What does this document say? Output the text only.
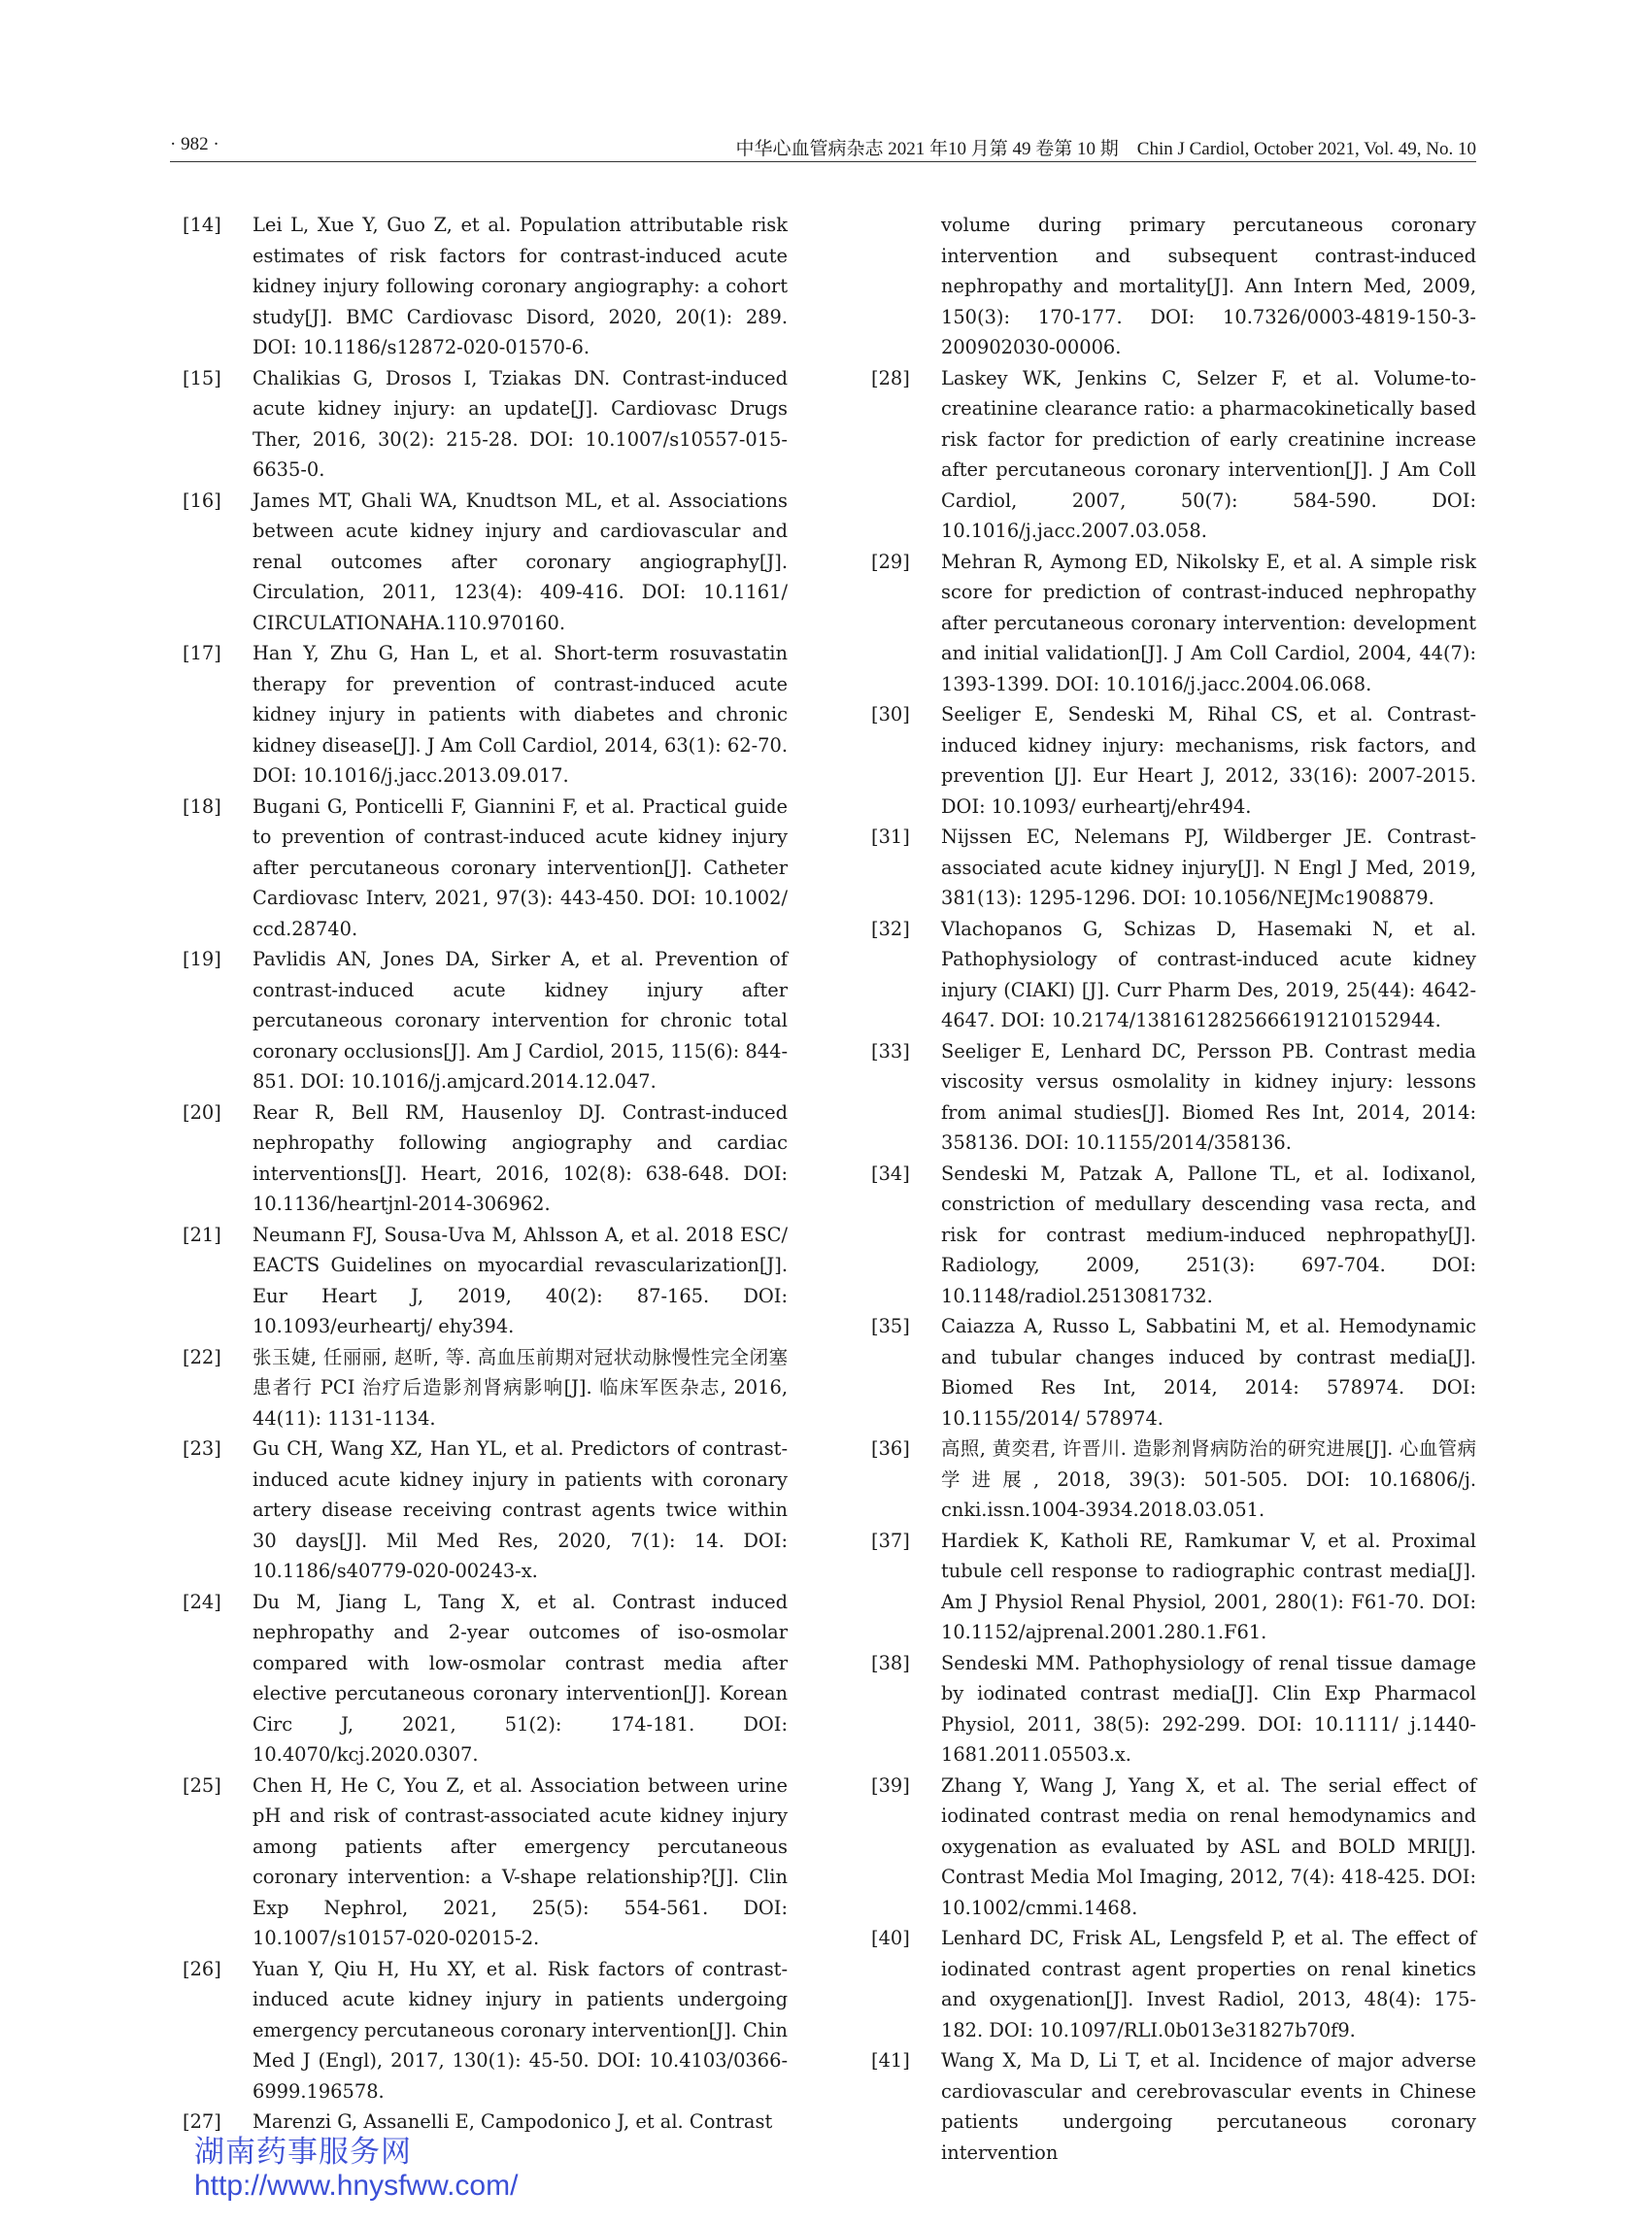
· 982 ·	中华心血管病杂志 2021 年10 月第 49 卷第 10 期　Chin J Cardiol, October 2021, Vol. 49, No. 10
[14] Lei L, Xue Y, Guo Z, et al. Population attributable risk estimates of risk factors for contrast-induced acute kidney injury following coronary angiography: a cohort study[J]. BMC Cardiovasc Disord, 2020, 20(1): 289. DOI: 10.1186/s12872-020-01570-6.
[15] Chalikias G, Drosos I, Tziakas DN. Contrast-induced acute kidney injury: an update[J]. Cardiovasc Drugs Ther, 2016, 30(2): 215-28. DOI: 10.1007/s10557-015-6635-0.
[16] James MT, Ghali WA, Knudtson ML, et al. Associations between acute kidney injury and cardiovascular and renal outcomes after coronary angiography[J]. Circulation, 2011, 123(4): 409-416. DOI: 10.1161/ CIRCULATIONAHA.110.970160.
[17] Han Y, Zhu G, Han L, et al. Short-term rosuvastatin therapy for prevention of contrast-induced acute kidney injury in patients with diabetes and chronic kidney disease[J]. J Am Coll Cardiol, 2014, 63(1): 62-70. DOI: 10.1016/j.jacc.2013.09.017.
[18] Bugani G, Ponticelli F, Giannini F, et al. Practical guide to prevention of contrast-induced acute kidney injury after percutaneous coronary intervention[J]. Catheter Cardiovasc Interv, 2021, 97(3): 443-450. DOI: 10.1002/ ccd.28740.
[19] Pavlidis AN, Jones DA, Sirker A, et al. Prevention of contrast-induced acute kidney injury after percutaneous coronary intervention for chronic total coronary occlusions[J]. Am J Cardiol, 2015, 115(6): 844-851. DOI: 10.1016/j.amjcard.2014.12.047.
[20] Rear R, Bell RM, Hausenloy DJ. Contrast-induced nephropathy following angiography and cardiac interventions[J]. Heart, 2016, 102(8): 638-648. DOI: 10.1136/heartjnl-2014-306962.
[21] Neumann FJ, Sousa-Uva M, Ahlsson A, et al. 2018 ESC/ EACTS Guidelines on myocardial revascularization[J]. Eur Heart J, 2019, 40(2): 87-165. DOI: 10.1093/eurheartj/ ehy394.
[22] 张玉婕, 任丽丽, 赵昕, 等. 高血压前期对冠状动脉慢性完全闭塞患者行 PCI 治疗后造影剂肾病影响[J]. 临床军医杂志, 2016, 44(11): 1131-1134.
[23] Gu CH, Wang XZ, Han YL, et al. Predictors of contrast-induced acute kidney injury in patients with coronary artery disease receiving contrast agents twice within 30 days[J]. Mil Med Res, 2020, 7(1): 14. DOI: 10.1186/s40779-020-00243-x.
[24] Du M, Jiang L, Tang X, et al. Contrast induced nephropathy and 2-year outcomes of iso-osmolar compared with low-osmolar contrast media after elective percutaneous coronary intervention[J]. Korean Circ J, 2021, 51(2): 174-181. DOI: 10.4070/kcj.2020.0307.
[25] Chen H, He C, You Z, et al. Association between urine pH and risk of contrast-associated acute kidney injury among patients after emergency percutaneous coronary intervention: a V-shape relationship?[J]. Clin Exp Nephrol, 2021, 25(5): 554-561. DOI: 10.1007/s10157-020-02015-2.
[26] Yuan Y, Qiu H, Hu XY, et al. Risk factors of contrast-induced acute kidney injury in patients undergoing emergency percutaneous coronary intervention[J]. Chin Med J (Engl), 2017, 130(1): 45-50. DOI: 10.4103/0366-6999.196578.
[27] Marenzi G, Assanelli E, Campodonico J, et al. Contrast
volume during primary percutaneous coronary intervention and subsequent contrast-induced nephropathy and mortality[J]. Ann Intern Med, 2009, 150(3): 170-177. DOI: 10.7326/0003-4819-150-3-200902030-00006.
[28] Laskey WK, Jenkins C, Selzer F, et al. Volume-to-creatinine clearance ratio: a pharmacokinetically based risk factor for prediction of early creatinine increase after percutaneous coronary intervention[J]. J Am Coll Cardiol, 2007, 50(7): 584-590. DOI: 10.1016/j.jacc.2007.03.058.
[29] Mehran R, Aymong ED, Nikolsky E, et al. A simple risk score for prediction of contrast-induced nephropathy after percutaneous coronary intervention: development and initial validation[J]. J Am Coll Cardiol, 2004, 44(7): 1393-1399. DOI: 10.1016/j.jacc.2004.06.068.
[30] Seeliger E, Sendeski M, Rihal CS, et al. Contrast-induced kidney injury: mechanisms, risk factors, and prevention [J]. Eur Heart J, 2012, 33(16): 2007-2015. DOI: 10.1093/ eurheartj/ehr494.
[31] Nijssen EC, Nelemans PJ, Wildberger JE. Contrast-associated acute kidney injury[J]. N Engl J Med, 2019, 381(13): 1295-1296. DOI: 10.1056/NEJMc1908879.
[32] Vlachopanos G, Schizas D, Hasemaki N, et al. Pathophysiology of contrast-induced acute kidney injury (CIAKI) [J]. Curr Pharm Des, 2019, 25(44): 4642-4647. DOI: 10.2174/1381612825666191210152944.
[33] Seeliger E, Lenhard DC, Persson PB. Contrast media viscosity versus osmolality in kidney injury: lessons from animal studies[J]. Biomed Res Int, 2014, 2014: 358136. DOI: 10.1155/2014/358136.
[34] Sendeski M, Patzak A, Pallone TL, et al. Iodixanol, constriction of medullary descending vasa recta, and risk for contrast medium-induced nephropathy[J]. Radiology, 2009, 251(3): 697-704. DOI: 10.1148/radiol.2513081732.
[35] Caiazza A, Russo L, Sabbatini M, et al. Hemodynamic and tubular changes induced by contrast media[J]. Biomed Res Int, 2014, 2014: 578974. DOI: 10.1155/2014/ 578974.
[36] 高照, 黄奕君, 许晋川. 造影剂肾病防治的研究进展[J]. 心血管病学进展, 2018, 39(3): 501-505. DOI: 10.16806/j. cnki.issn.1004-3934.2018.03.051.
[37] Hardiek K, Katholi RE, Ramkumar V, et al. Proximal tubule cell response to radiographic contrast media[J]. Am J Physiol Renal Physiol, 2001, 280(1): F61-70. DOI: 10.1152/ajprenal.2001.280.1.F61.
[38] Sendeski MM. Pathophysiology of renal tissue damage by iodinated contrast media[J]. Clin Exp Pharmacol Physiol, 2011, 38(5): 292-299. DOI: 10.1111/ j.1440-1681.2011.05503.x.
[39] Zhang Y, Wang J, Yang X, et al. The serial effect of iodinated contrast media on renal hemodynamics and oxygenation as evaluated by ASL and BOLD MRI[J]. Contrast Media Mol Imaging, 2012, 7(4): 418-425. DOI: 10.1002/cmmi.1468.
[40] Lenhard DC, Frisk AL, Lengsfeld P, et al. The effect of iodinated contrast agent properties on renal kinetics and oxygenation[J]. Invest Radiol, 2013, 48(4): 175-182. DOI: 10.1097/RLI.0b013e31827b70f9.
[41] Wang X, Ma D, Li T, et al. Incidence of major adverse cardiovascular and cerebrovascular events in Chinese patients undergoing percutaneous coronary intervention
湖南药事服务网
http://www.hnysfww.com/
